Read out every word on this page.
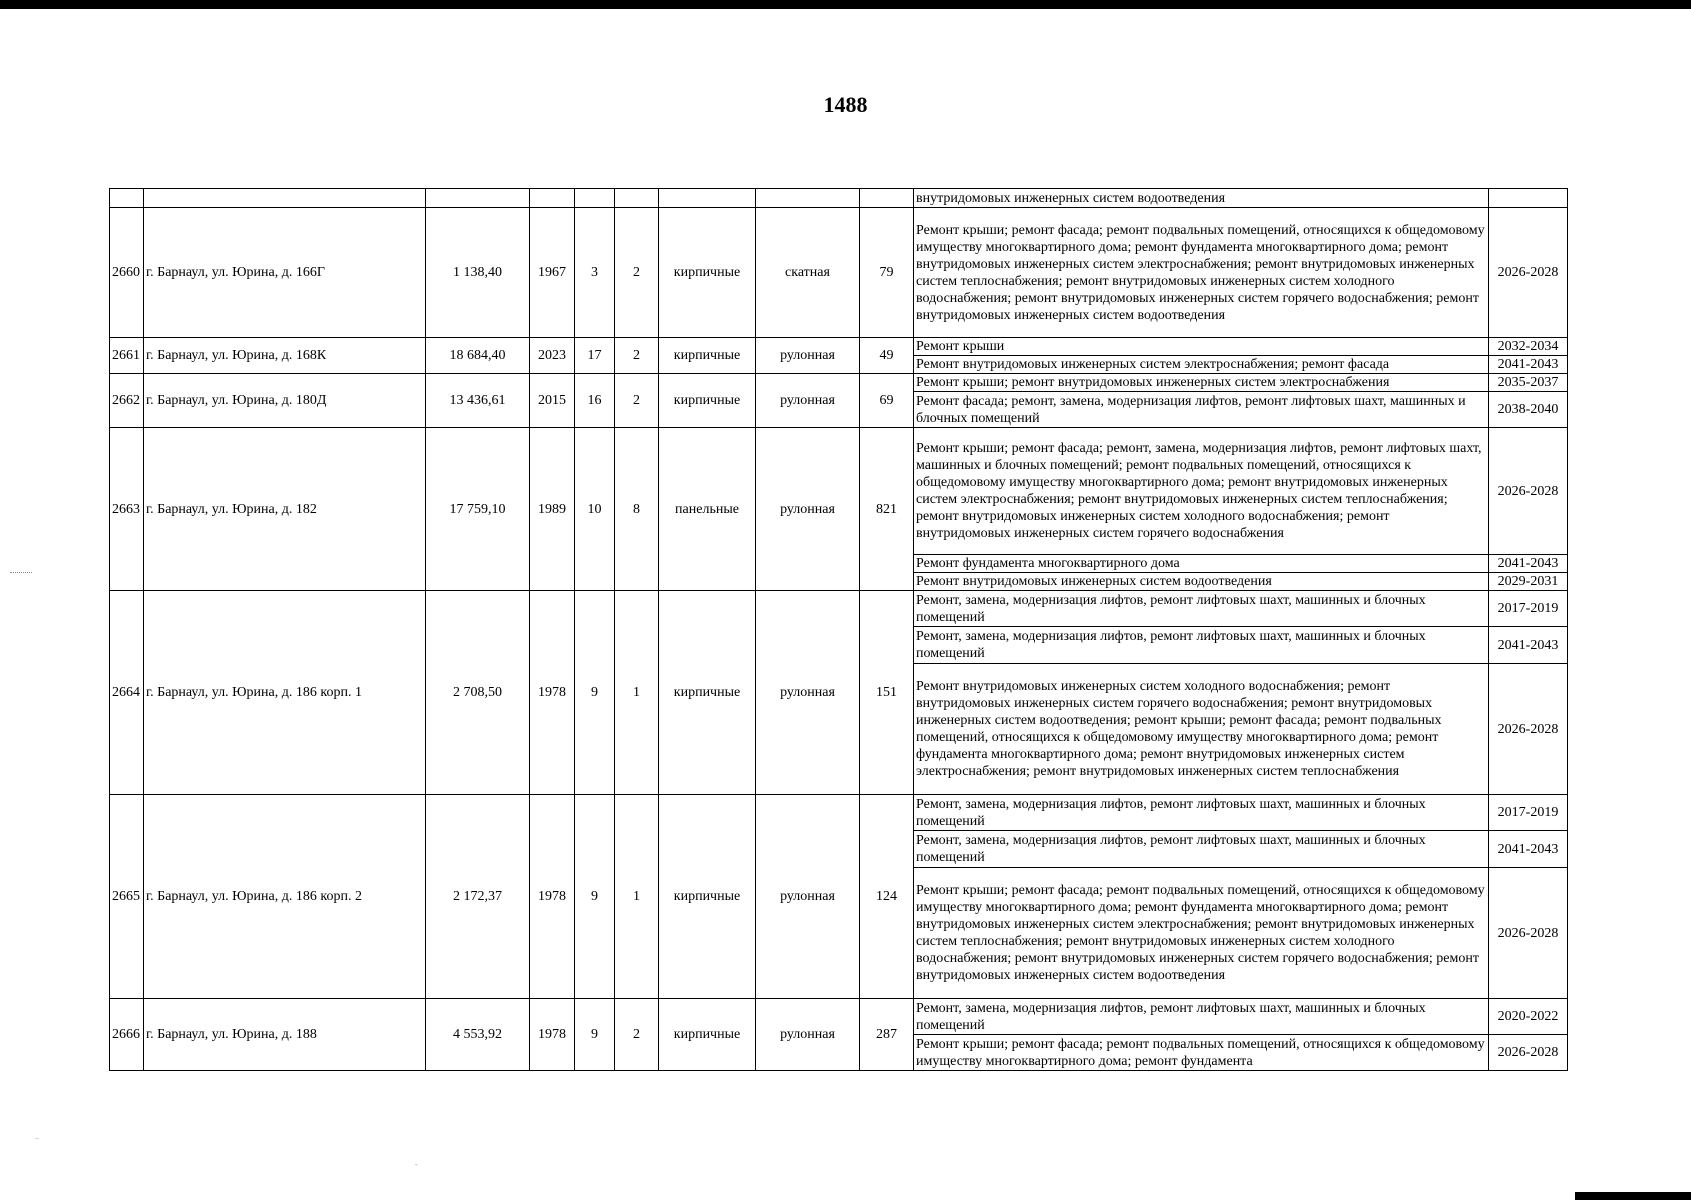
..
-
1488
									внутридомовых инженерных систем водоотведения	
2660	г. Барнаул, ул. Юрина, д. 166Г	1 138,40	1967	3	2	кирпичные	скатная	79	Ремонт крыши; ремонт фасада; ремонт подвальных помещений, относящихся к общедомовому имуществу многоквартирного дома; ремонт фундамента многоквартирного дома; ремонт внутридомовых инженерных систем электроснабжения; ремонт внутридомовых инженерных систем теплоснабжения; ремонт внутридомовых инженерных систем холодного водоснабжения; ремонт внутридомовых инженерных систем горячего водоснабжения; ремонт внутридомовых инженерных систем водоотведения	2026-2028
2661	г. Барнаул, ул. Юрина, д. 168К	18 684,40	2023	17	2	кирпичные	рулонная	49	Ремонт крыши	2032-2034
									Ремонт внутридомовых инженерных систем электроснабжения; ремонт фасада	2041-2043
2662	г. Барнаул, ул. Юрина, д. 180Д	13 436,61	2015	16	2	кирпичные	рулонная	69	Ремонт крыши; ремонт внутридомовых инженерных систем электроснабжения	2035-2037
									Ремонт фасада; ремонт, замена, модернизация лифтов, ремонт лифтовых шахт, машинных и блочных помещений	2038-2040
2663	г. Барнаул, ул. Юрина, д. 182	17 759,10	1989	10	8	панельные	рулонная	821	Ремонт крыши; ремонт фасада; ремонт, замена, модернизация лифтов, ремонт лифтовых шахт, машинных и блочных помещений; ремонт подвальных помещений, относящихся к общедомовому имуществу многоквартирного дома; ремонт внутридомовых инженерных систем электроснабжения; ремонт внутридомовых инженерных систем теплоснабжения; ремонт внутридомовых инженерных систем холодного водоснабжения; ремонт внутридомовых инженерных систем горячего водоснабжения	2026-2028
									Ремонт фундамента многоквартирного дома	2041-2043
									Ремонт внутридомовых инженерных систем водоотведения	2029-2031
2664	г. Барнаул, ул. Юрина, д. 186 корп. 1	2 708,50	1978	9	1	кирпичные	рулонная	151	Ремонт, замена, модернизация лифтов, ремонт лифтовых шахт, машинных и блочных помещений	2017-2019
									Ремонт, замена, модернизация лифтов, ремонт лифтовых шахт, машинных и блочных помещений	2041-2043
									Ремонт внутридомовых инженерных систем холодного водоснабжения; ремонт внутридомовых инженерных систем горячего водоснабжения; ремонт внутридомовых инженерных систем водоотведения; ремонт крыши; ремонт фасада; ремонт подвальных помещений, относящихся к общедомовому имуществу многоквартирного дома; ремонт фундамента многоквартирного дома; ремонт внутридомовых инженерных систем электроснабжения; ремонт внутридомовых инженерных систем теплоснабжения	2026-2028
2665	г. Барнаул, ул. Юрина, д. 186 корп. 2	2 172,37	1978	9	1	кирпичные	рулонная	124	Ремонт, замена, модернизация лифтов, ремонт лифтовых шахт, машинных и блочных помещений	2017-2019
									Ремонт, замена, модернизация лифтов, ремонт лифтовых шахт, машинных и блочных помещений	2041-2043
									Ремонт крыши; ремонт фасада; ремонт подвальных помещений, относящихся к общедомовому имуществу многоквартирного дома; ремонт фундамента многоквартирного дома; ремонт внутридомовых инженерных систем электроснабжения; ремонт внутридомовых инженерных систем теплоснабжения; ремонт внутридомовых инженерных систем холодного водоснабжения; ремонт внутридомовых инженерных систем горячего водоснабжения; ремонт внутридомовых инженерных систем водоотведения	2026-2028
2666	г. Барнаул, ул. Юрина, д. 188	4 553,92	1978	9	2	кирпичные	рулонная	287	Ремонт, замена, модернизация лифтов, ремонт лифтовых шахт, машинных и блочных помещений	2020-2022
									Ремонт крыши; ремонт фасада; ремонт подвальных помещений, относящихся к общедомовому имуществу многоквартирного дома; ремонт фундамента	2026-2028
